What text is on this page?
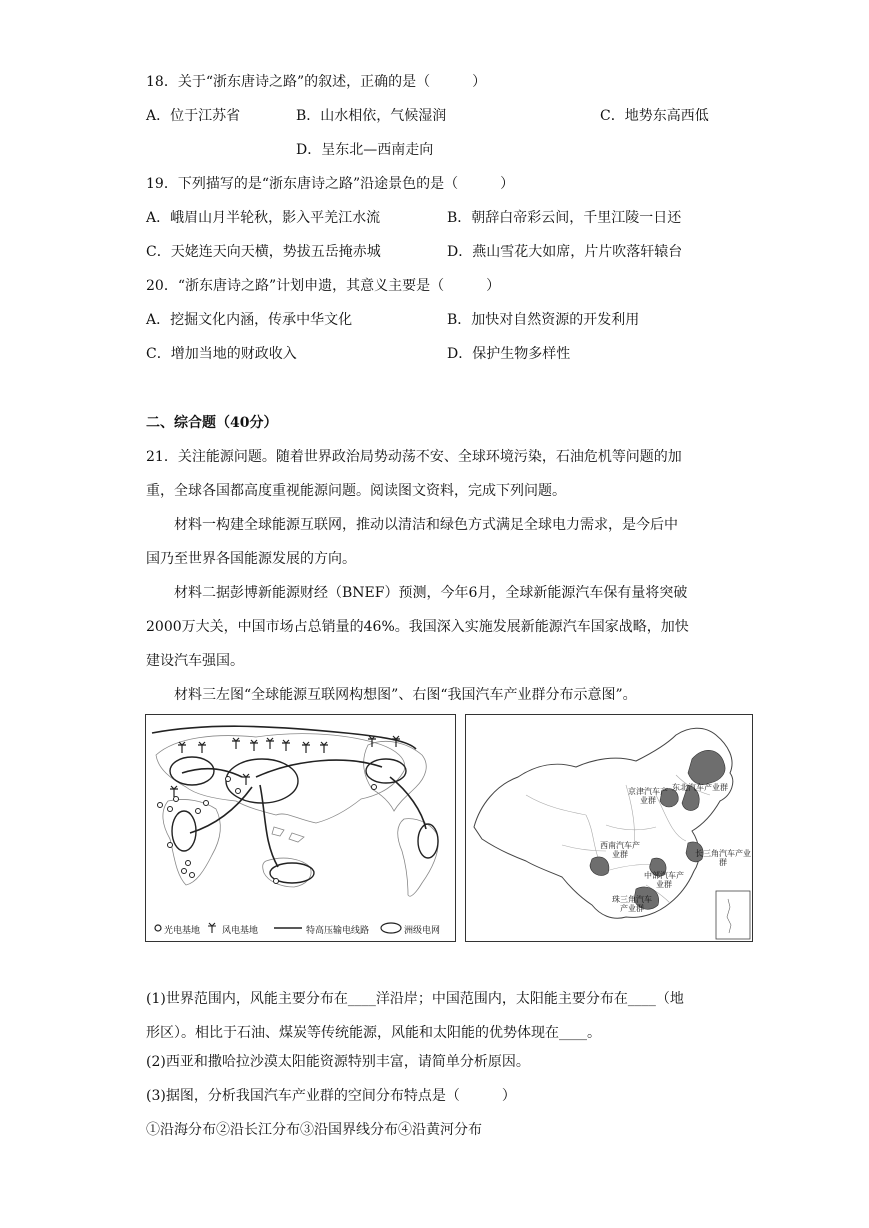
18．关于“浙东唐诗之路”的叙述，正确的是（　　　）
A．位于江苏省	B．山水相依，气候湿润	C．地势东高西低
D．呈东北—西南走向
19．下列描写的是“浙东唐诗之路”沿途景色的是（　　　）
A．峨眉山月半轮秋，影入平羌江水流	B．朝辞白帝彩云间，千里江陵一日还
C．天姥连天向天横，势拔五岳掩赤城	D．燕山雪花大如席，片片吹落轩辕台
20．“浙东唐诗之路”计划申遗，其意义主要是（　　　）
A．挖掘文化内涵，传承中华文化	B．加快对自然资源的开发利用
C．增加当地的财政收入	D．保护生物多样性
二、综合题（40分）
21．关注能源问题。随着世界政治局势动荡不安、全球环境污染，石油危机等问题的加
重，全球各国都高度重视能源问题。阅读图文资料，完成下列问题。
材料一构建全球能源互联网，推动以清洁和绿色方式满足全球电力需求，是今后中
国乃至世界各国能源发展的方向。
材料二据彭博新能源财经（BNEF）预测，今年6月，全球新能源汽车保有量将突破
2000万大关，中国市场占总销量的46%。我国深入实施发展新能源汽车国家战略，加快
建设汽车强国。
材料三左图“全球能源互联网构想图”、右图“我国汽车产业群分布示意图”。
光电基地 风电基地	特高压输电线路	洲级电网
东北汽车产业群
京津汽车产业群
西南汽车产业群	长三角汽车产业群
中部汽车产业群
珠三角汽车产业群
(1)世界范围内，风能主要分布在____洋沿岸；中国范围内，太阳能主要分布在____（地
形区）。相比于石油、煤炭等传统能源，风能和太阳能的优势体现在____。
(2)西亚和撒哈拉沙漠太阳能资源特别丰富，请简单分析原因。
(3)据图，分析我国汽车产业群的空间分布特点是（　　　）
①沿海分布②沿长江分布③沿国界线分布④沿黄河分布
